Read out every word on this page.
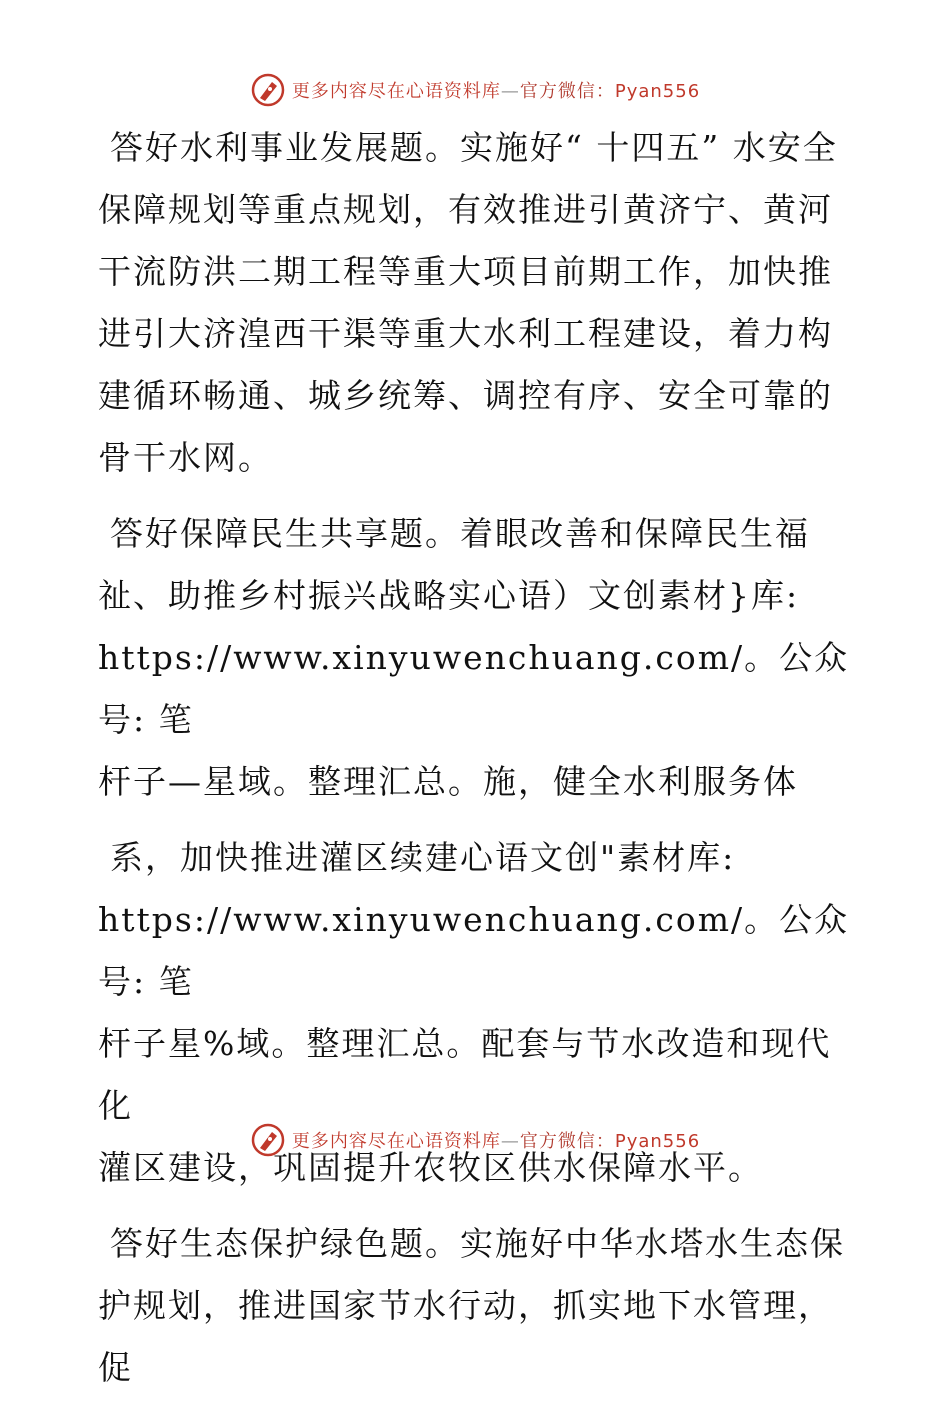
更多内容尽在心语资料库—官方微信：Pyan556

答好水利事业发展题。实施好“ 十四五” 水安全保障规划等重点规划，有效推进引黄济宁、黄河干流防洪二期工程等重大项目前期工作，加快推进引大济湟西干渠等重大水利工程建设，着力构建循环畅通、城乡统筹、调控有序、安全可靠的骨干水网。

答好保障民生共享题。着眼改善和保障民生福
祉、助推乡村振兴战略实心语）文创素材}库:
https://www.xinyuwenchuang.com/。公众号: 笔
杆子—星域。整理汇总。施，健全水利服务体

系，加快推进灌区续建心语文创"素材库:
https://www.xinyuwenchuang.com/。公众号: 笔
杆子星%域。整理汇总。配套与节水改造和现代化
灌区建设，巩固提升农牧区供水保障水平。

答好生态保护绿色题。实施好中华水塔水生态保护规划，推进国家节水行动，抓实地下水管理，促

更多内容尽在心语资料库—官方微信：Pyan556
